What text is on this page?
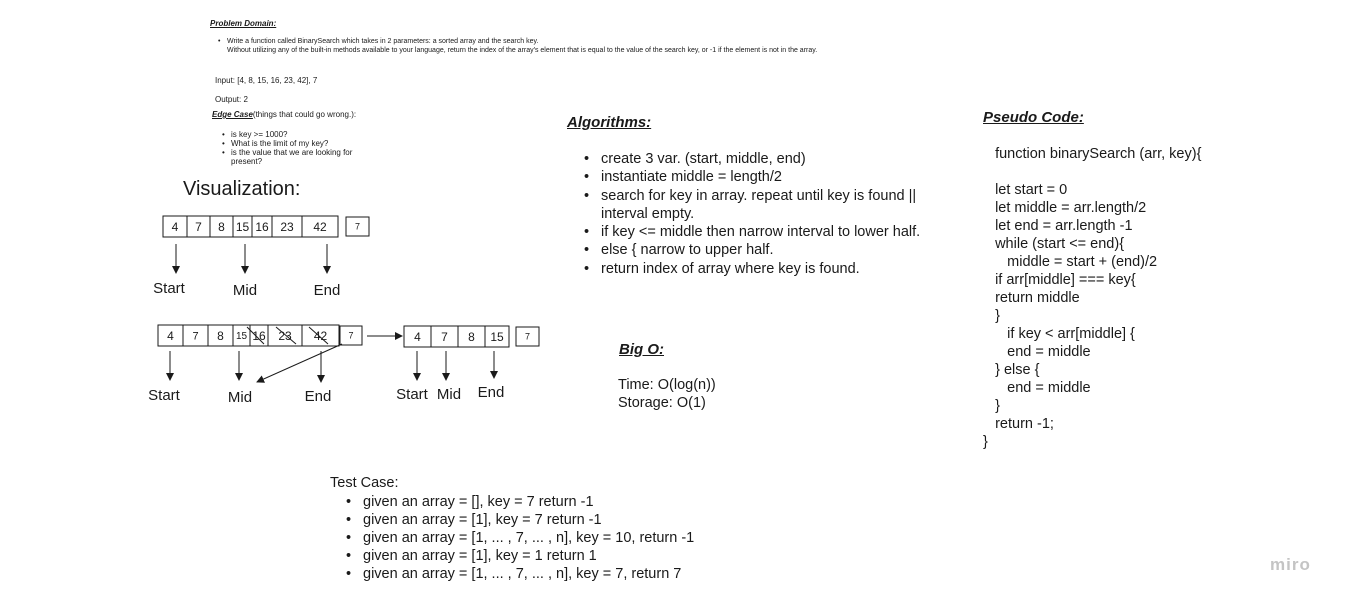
Problem Domain:
• Write a function called BinarySearch which takes in 2 parameters: a sorted array and the search key.
Without utilizing any of the built-in methods available to your language, return the index of the array's element that is equal to the value of the search key, or -1 if the element is not in the array.
Input: [4, 8, 15, 16, 23, 42], 7
Output: 2
Edge Case(things that could go wrong.):
• is key >= 1000?
• What is the limit of my key?
• is the value that we are looking for
present?
Visualization:
Algorithms:
• create 3 var. (start, middle, end)
• instantiate middle = length/2
• search for key in array. repeat until key is found ||
interval empty.
• if key <= middle then narrow interval to lower half.
• else { narrow to upper half.
• return index of array where key is found.
Big O:
Time: O(log(n))
Storage: O(1)
Pseudo Code:
function binarySearch (arr, key){
let start = 0
let middle = arr.length/2
let end = arr.length -1
while (start <= end){
middle = start + (end)/2
if arr[middle] === key{
return middle
}
if key < arr[middle] {
end = middle
} else {
end = middle
}
return -1;
}
Test Case:
• given an array = [], key = 7 return -1
• given an array = [1], key = 7 return -1
• given an array = [1, ... , 7, ... , n], key = 10, return -1
• given an array = [1], key = 1 return 1
• given an array = [1, ... , 7, ... , n], key = 7, return 7	miro
4 7 8 15 16 23 42	7
Start	Mid	End
4 7 8 15 16 23 42 7
Start	Mid	End
4 7 8 15 7
Start Mid End
